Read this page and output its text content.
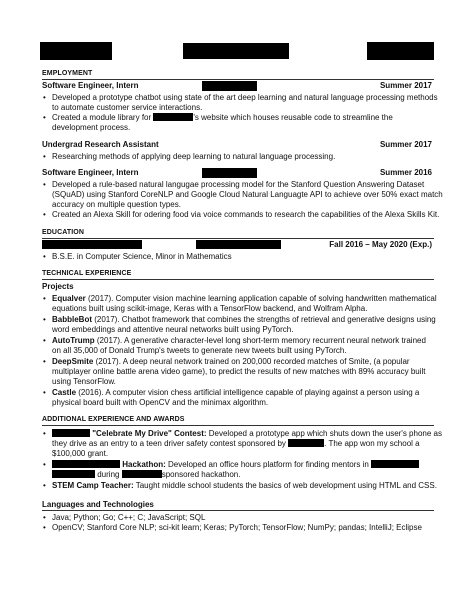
EMPLOYMENT
Software Engineer, Intern	Summer 2017
• Developed a prototype chatbot using state of the art deep learning and natural language processing methods
to automate customer service interactions.
• Created a module library for	's website which houses reusable code to streamline the
development process.
Undergrad Research Assistant	Summer 2017
• Researching methods of applying deep learning to natural language processing.
Software Engineer, Intern	Summer 2016
• Developed a rule-based natural langugae processing model for the Stanford Question Answering Dataset
(SQuAD) using Stanford CoreNLP and Google Cloud Natural Languagte API to achieve over 50% exact match
accuracy on multiple question types.
• Created an Alexa Skill for odering food via voice commands to research the capabilities of the Alexa Skills Kit.
EDUCATION
Fall 2016 – May 2020 (Exp.)
• B.S.E. in Computer Science, Minor in Mathematics
TECHNICAL EXPERIENCE
Projects
• Equalver (2017). Computer vision machine learning application capable of solving handwritten mathematical
equations built using scikit-image, Keras with a TensorFlow backend, and Wolfram Alpha.
• BabbleBot (2017). Chatbot framework that combines the strengths of retrieval and generative designs using
word embeddings and attentive neural networks built using PyTorch.
• AutoTrump (2017). A generative character-level long short-term memory recurrent neural network trained
on all 35,000 of Donald Trump's tweets to generate new tweets built using PyTorch.
• DeepSmite (2017). A deep neural network trained on 200,000 recorded matches of Smite, (a popular
multiplayer online battle arena video game), to predict the results of new matches with 89% accuracy built
using TensorFlow.
• Castle (2016). A computer vision chess artificial intelligence capable of playing against a person using a
physical board built with OpenCV and the minimax algorithm.
ADDITIONAL EXPERIENCE AND AWARDS
•	"Celebrate My Drive" Contest: Developed a prototype app which shuts down the user's phone as
they drive as an entry to a teen driver safety contest sponsored by	. The app won my school a
$100,000 grant.
•	Hackathon: Developed an office hours platform for finding mentors in
during	sponsored hackathon.
• STEM Camp Teacher: Taught middle school students the basics of web development using HTML and CSS.
Languages and Technologies
• Java; Python; Go; C++; C; JavaScript; SQL
• OpenCV; Stanford Core NLP; sci-kit learn; Keras; PyTorch; TensorFlow; NumPy; pandas; IntelliJ; Eclipse
